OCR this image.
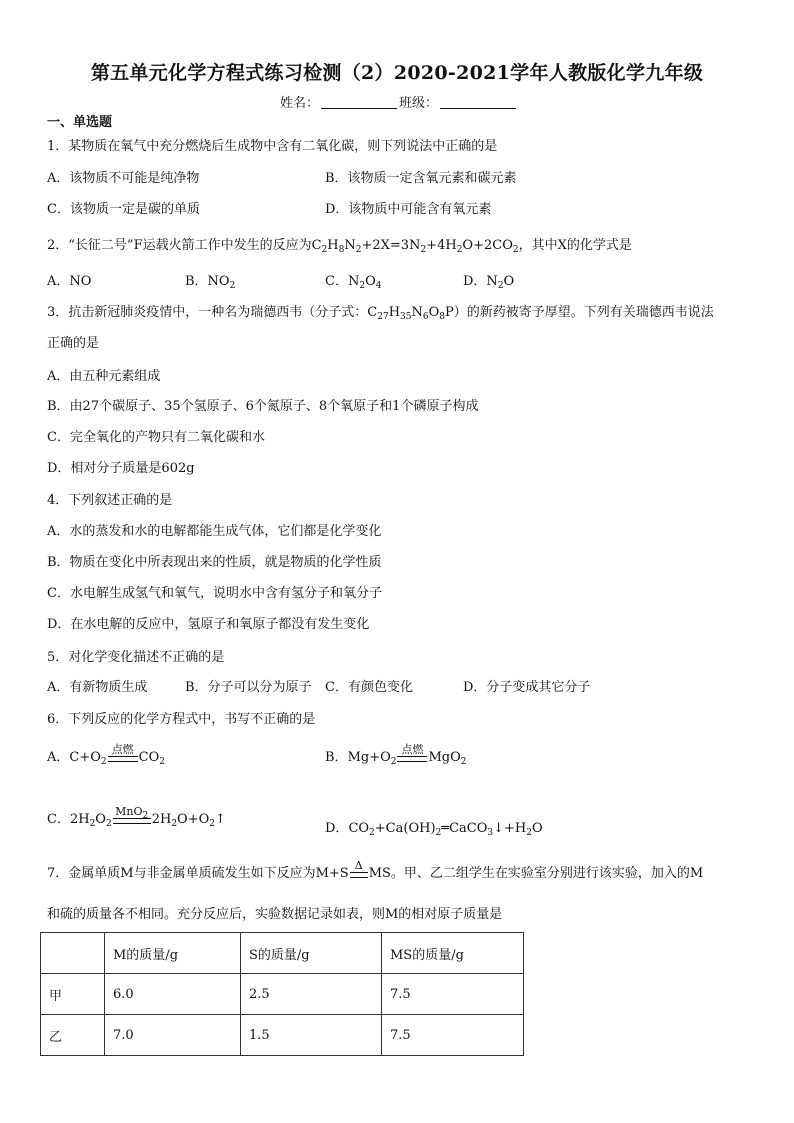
第五单元化学方程式练习检测（2）2020-2021学年人教版化学九年级
姓名：	班级：
一、单选题
1．某物质在氧气中充分燃烧后生成物中含有二氧化碳，则下列说法中正确的是
A．该物质不可能是纯净物	B．该物质一定含氧元素和碳元素
C．该物质一定是碳的单质	D．该物质中可能含有氧元素
2．“长征二号”F运载火箭工作中发生的反应为$C_2H_8N_2+2X=3N_2+4H_2O+2CO_2$，其中X的化学式是
A．NO	B．$NO_2$	C．$N_2O_4$	D．$N_2O$
3．抗击新冠肺炎疫情中，一种名为瑞德西韦（分子式：$C_{27}H_{35}N_6O_8P$）的新药被寄予厚望。下列有关瑞德西韦说法
正确的是
A．由五种元素组成
B．由27个碳原子、35个氢原子、6个氮原子、8个氧原子和1个磷原子构成
C．完全氧化的产物只有二氧化碳和水
D．相对分子质量是602g
4．下列叙述正确的是
A．水的蒸发和水的电解都能生成气体，它们都是化学变化
B．物质在变化中所表现出来的性质，就是物质的化学性质
C．水电解生成氢气和氧气，说明水中含有氢分子和氧分子
D．在水电解的反应中，氢原子和氧原子都没有发生变化
5．对化学变化描述不正确的是
A．有新物质生成	B．分子可以分为原子 C．有颜色变化	D．分子变成其它分子
6．下列反应的化学方程式中，书写不正确的是
A．$C+O_2$
点燃
$CO_2$	B．$Mg+O_2$
点燃
MgO$_2$
C．$2H_2O_2$
MnO$_2$ $2H_2O+O_2↑$
D．$CO_2+Ca(OH)_2═CaCO_3↓+H_2O$
7．金属单质M与非金属单质硫发生如下反应为M+S
Δ
MS。甲、乙二组学生在实验室分别进行该实验，加入的M
和硫的质量各不相同。充分反应后，实验数据记录如表，则M的相对原子质量是
	M的质量/g	S的质量/g	MS的质量/g
甲	6.0	2.5	7.5
乙	7.0	1.5	7.5
